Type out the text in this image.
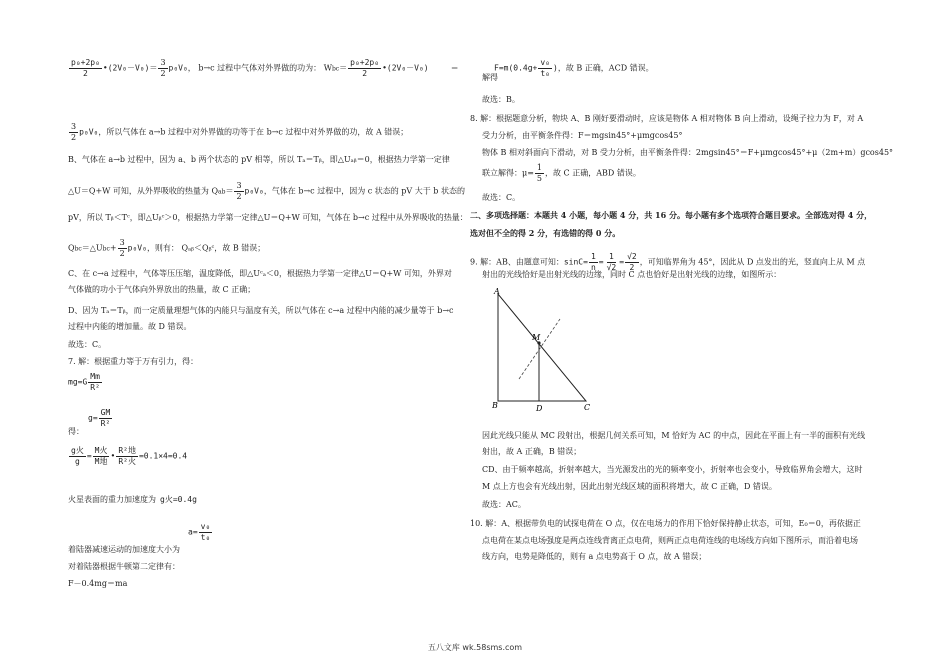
$\frac{\text{p₀+2p₀}}{2}$ •(2V₀－V₀)＝ $\frac{3}{2} p_0V_0$， b→c 过程中气体对外界做的功为： $Wbc= \frac{\text{p₀+2p₀}}{2}$ •(2V₀－V₀)	＝
$\frac{3}{2} p_0V_0$，所以气体在 a→b 过程中对外界做的功等于在 b→c 过程中对外界做的功，故 A 错误；
B、气体在 a→b 过程中，因为 a、b 两个状态的 pV 相等，所以 Tₐ＝Tᵦ，即△Uₐᵦ＝0，根据热力学第一定律
△U＝Q+W 可知，从外界吸收的热量为 $Qab= \frac{3}{2} p_0V_0$，气体在 b→c 过程中，因为 c 状态的 pV 大于 b 状态的
pV，所以 Tᵦ＜Tᶜ，即△Uᵦᶜ＞0，根据热力学第一定律△U＝Q+W 可知，气体在 b→c 过程中从外界吸收的热量：
Qbc＝△Ubc+ $\frac{3}{2} p_0V_0$，则有： Qₐᵦ＜Qᵦᶜ，故 B 错误；
C、在 c→a 过程中，气体等压压缩，温度降低，即△Uᶜₐ＜0，根据热力学第一定律△U＝Q+W 可知，外界对
气体做的功小于气体向外界放出的热量，故 C 正确；
D、因为 Tₐ＝Tᵦ，而一定质量理想气体的内能只与温度有关，所以气体在 c→a 过程中内能的减少量等于 b→c
过程中内能的增加量。故 D 错误。
故选：C。
7. 解：根据重力等于万有引力，得：
$mg=G \frac{Mm}{\text{R²}}$
$g= \frac{GM}{\text{R²}}$
得：
$\frac{\text{g火}}{g} = \frac{\text{M火}}{\text{M地}}$ • $\frac{\text{R²地}}{\text{R²火}} =0.1\times 4=0.4$
火星表面的重力加速度为 g火=0.4g
$a= \frac{\text{v₀}}{\text{t₀}}$
着陆器减速运动的加速度大小为
对着陆器根据牛顿第二定律有：
F－0.4mg＝ma
$F=m(0.4g+ \frac{\text{v₀}}{\text{t₀}}$ )，故 B 正确，ACD 错误。
解得
故选：B。
8. 解：根据题意分析，物块 A、B 刚好要滑动时，应该是物体 A 相对物体 B 向上滑动，设绳子拉力为 F，对 A
受力分析，由平衡条件得：F＝mgsin45°+μmgcos45°
物体 B 相对斜面向下滑动，对 B 受力分析，由平衡条件得：2mgsin45°＝F+μmgcos45°+μ（2m+m）gcos45°
联立解得：$\mu= \frac{1}{5}$ ，故 C 正确，ABD 错误。
故选：C。
二、多项选择题：本题共 4 小题，每小题 4 分，共 16 分。每小题有多个选项符合题目要求。全部选对得 4 分，
选对但不全的得 2 分，有选错的得 0 分。
9. 解：AB、由题意可知：$\sin C= \frac{1}{n} = \frac{1}{√2} = \frac{√2}{2}$ ，可知临界角为 45°，因此从 D 点发出的光，竖直向上从 M 点
射出的光线恰好是出射光线的边缘，同时 C 点也恰好是出射光线的边缘，如图所示：
A
B	C
D
M
因此光线只能从 MC 段射出，根据几何关系可知，M 恰好为 AC 的中点，因此在平面上有一半的面积有光线
射出，故 A 正确，B 错误；
CD、由于频率越高，折射率越大，当光源发出的光的频率变小，折射率也会变小，导致临界角会增大，这时
M 点上方也会有光线出射，因此出射光线区域的面积将增大，故 C 正确，D 错误。
故选：AC。
10. 解：A、根据带负电的试探电荷在 O 点，仅在电场力的作用下恰好保持静止状态，可知，E₀＝0，再依据正
点电荷在某点电场强度是两点连线背离正点电荷，则两正点电荷连线的电场线方向如下图所示，而沿着电场
线方向，电势是降低的，则有 a 点电势高于 O 点，故 A 错误；
五八文库 wk.58sms.com
